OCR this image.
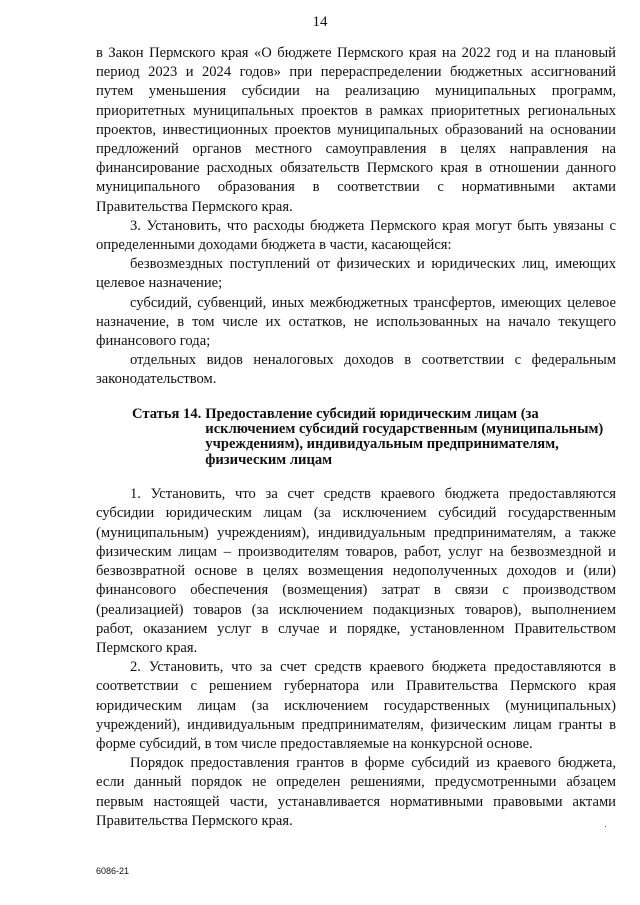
14

в Закон Пермского края «О бюджете Пермского края на 2022 год и на плановый период 2023 и 2024 годов» при перераспределении бюджетных ассигнований путем уменьшения субсидии на реализацию муниципальных программ, приоритетных муниципальных проектов в рамках приоритетных региональных проектов, инвестиционных проектов муниципальных образований на основании предложений органов местного самоуправления в целях направления на финансирование расходных обязательств Пермского края в отношении данного муниципального образования в соответствии с нормативными актами Правительства Пермского края.

3. Установить, что расходы бюджета Пермского края могут быть увязаны с определенными доходами бюджета в части, касающейся:

безвозмездных поступлений от физических и юридических лиц, имеющих целевое назначение;

субсидий, субвенций, иных межбюджетных трансфертов, имеющих целевое назначение, в том числе их остатков, не использованных на начало текущего финансового года;

отдельных видов неналоговых доходов в соответствии с федеральным законодательством.

Статья 14. Предоставление субсидий юридическим лицам (за исключением субсидий государственным (муниципальным) учреждениям), индивидуальным предпринимателям, физическим лицам

1. Установить, что за счет средств краевого бюджета предоставляются субсидии юридическим лицам (за исключением субсидий государственным (муниципальным) учреждениям), индивидуальным предпринимателям, а также физическим лицам – производителям товаров, работ, услуг на безвозмездной и безвозвратной основе в целях возмещения недополученных доходов и (или) финансового обеспечения (возмещения) затрат в связи с производством (реализацией) товаров (за исключением подакцизных товаров), выполнением работ, оказанием услуг в случае и порядке, установленном Правительством Пермского края.

2. Установить, что за счет средств краевого бюджета предоставляются в соответствии с решением губернатора или Правительства Пермского края юридическим лицам (за исключением государственных (муниципальных) учреждений), индивидуальным предпринимателям, физическим лицам гранты в форме субсидий, в том числе предоставляемые на конкурсной основе.

Порядок предоставления грантов в форме субсидий из краевого бюджета, если данный порядок не определен решениями, предусмотренными абзацем первым настоящей части, устанавливается нормативными правовыми актами Правительства Пермского края.

6086-21
